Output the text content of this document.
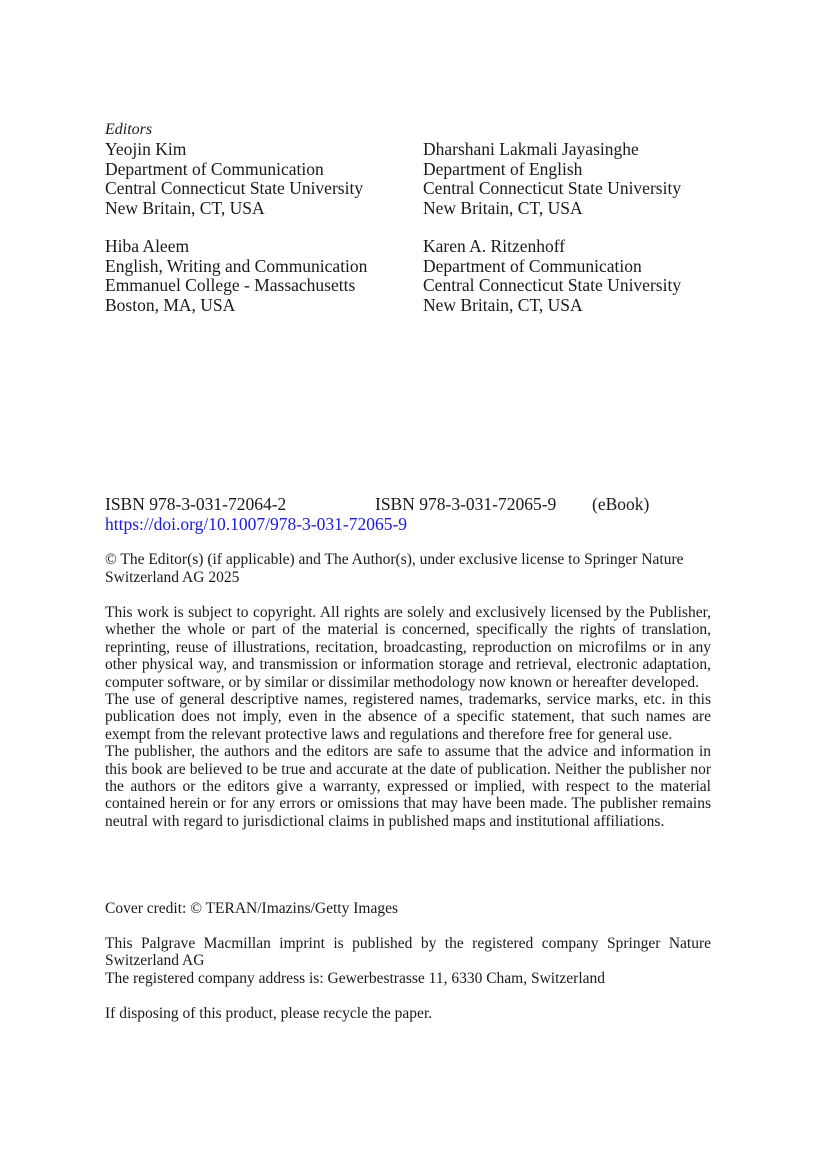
Editors
Yeojin Kim
Department of Communication
Central Connecticut State University
New Britain, CT, USA
Dharshani Lakmali Jayasinghe
Department of English
Central Connecticut State University
New Britain, CT, USA
Hiba Aleem
English, Writing and Communication
Emmanuel College - Massachusetts
Boston, MA, USA
Karen A. Ritzenhoff
Department of Communication
Central Connecticut State University
New Britain, CT, USA
ISBN 978-3-031-72064-2	ISBN 978-3-031-72065-9 (eBook)
https://doi.org/10.1007/978-3-031-72065-9
© The Editor(s) (if applicable) and The Author(s), under exclusive license to Springer Nature Switzerland AG 2025

This work is subject to copyright. All rights are solely and exclusively licensed by the Publisher, whether the whole or part of the material is concerned, specifically the rights of translation, reprinting, reuse of illustrations, recitation, broadcasting, reproduction on microfilms or in any other physical way, and transmission or information storage and retrieval, electronic adaptation, computer software, or by similar or dissimilar methodology now known or hereafter developed.

The use of general descriptive names, registered names, trademarks, service marks, etc. in this publication does not imply, even in the absence of a specific statement, that such names are exempt from the relevant protective laws and regulations and therefore free for general use.

The publisher, the authors and the editors are safe to assume that the advice and information in this book are believed to be true and accurate at the date of publication. Neither the publisher nor the authors or the editors give a warranty, expressed or implied, with respect to the material contained herein or for any errors or omissions that may have been made. The publisher remains neutral with regard to jurisdictional claims in published maps and institutional affiliations.

Cover credit: © TERAN/Imazins/Getty Images

This Palgrave Macmillan imprint is published by the registered company Springer Nature Switzerland AG

The registered company address is: Gewerbestrasse 11, 6330 Cham, Switzerland

If disposing of this product, please recycle the paper.
